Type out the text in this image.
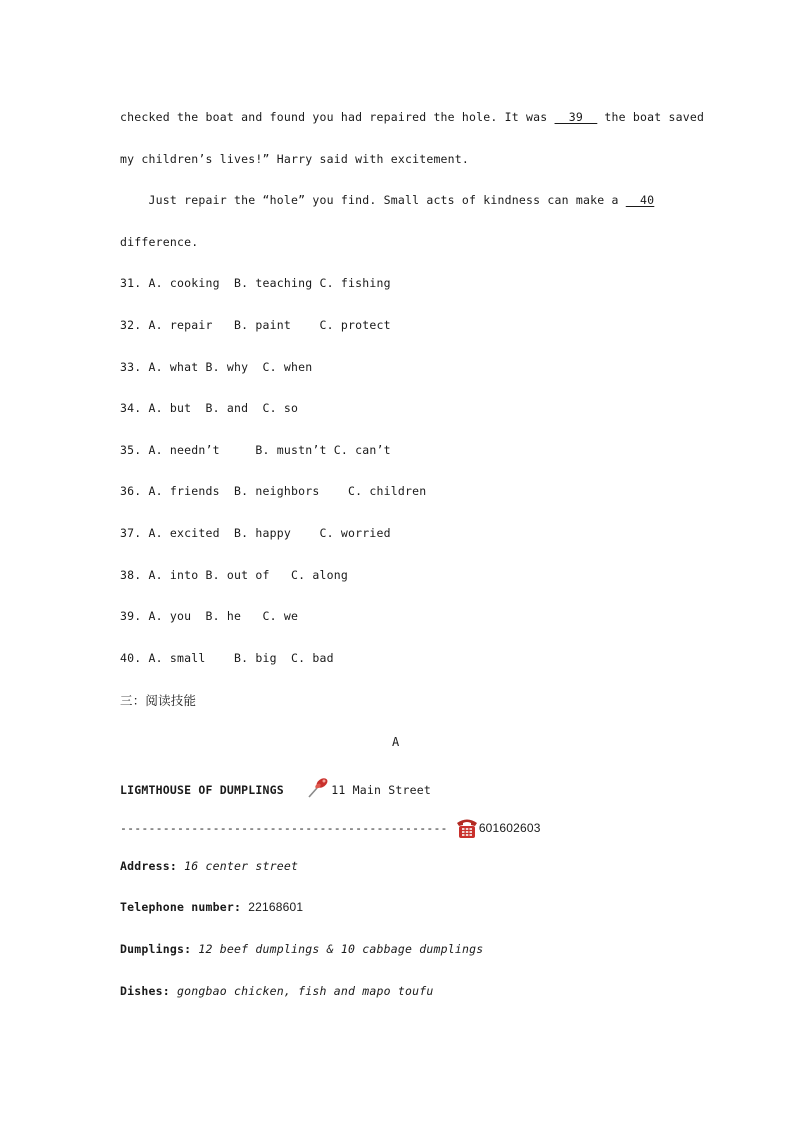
checked the boat and found you had repaired the hole. It was   39   the boat saved
my children’s lives!” Harry said with excitement.
Just repair the “hole” you find. Small acts of kindness can make a   40
difference.
31. A. cooking  B. teaching C. fishing
32. A. repair   B. paint    C. protect
33. A. what B. why  C. when
34. A. but  B. and  C. so
35. A. needn’t     B. mustn’t C. can’t
36. A. friends  B. neighbors    C. children
37. A. excited  B. happy    C. worried
38. A. into B. out of   C. along
39. A. you  B. he   C. we
40. A. small    B. big  C. bad
三：阅读技能
A
LIGMTHOUSE OF DUMPLINGS	11 Main Street
----------------------------------------------	601602603
Address: 16 center street
Telephone number: 22168601
Dumplings: 12 beef dumplings & 10 cabbage dumplings
Dishes: gongbao chicken, fish and mapo toufu
